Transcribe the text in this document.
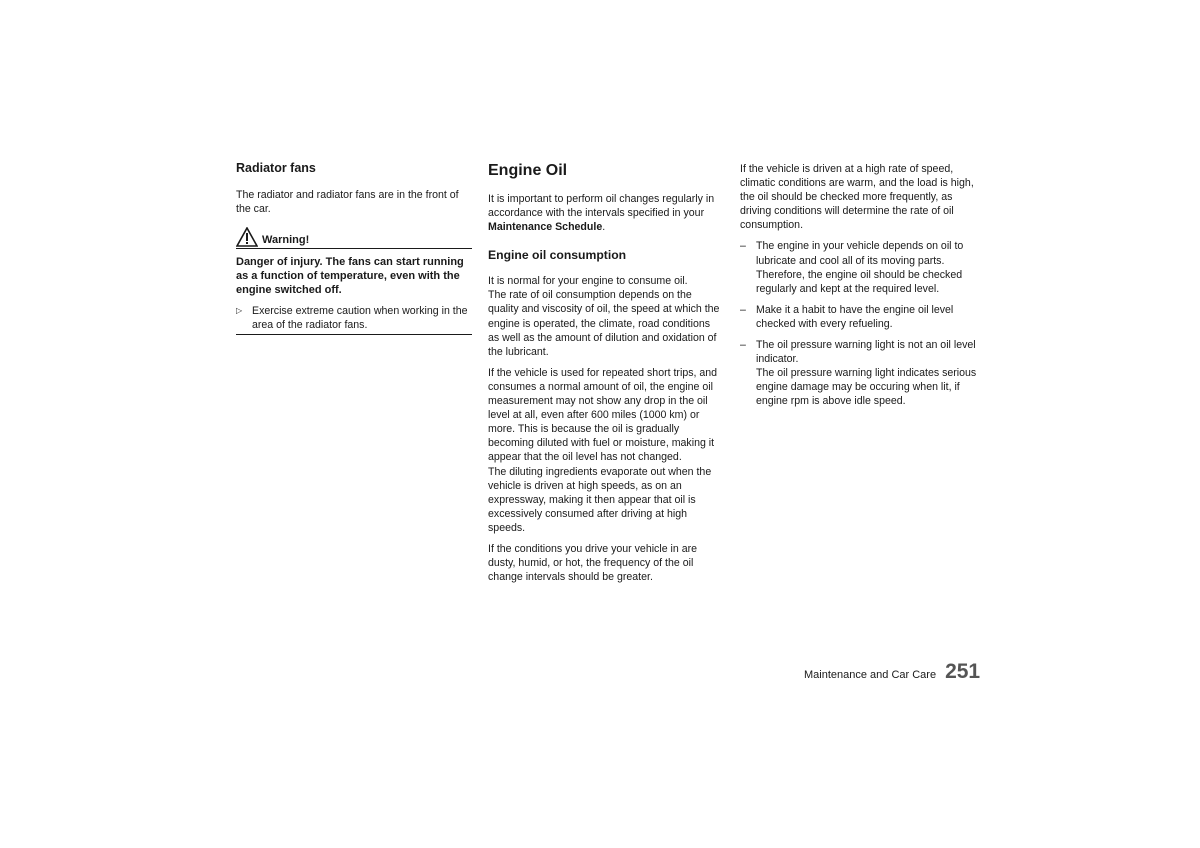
Radiator fans

The radiator and radiator fans are in the front of the car.

Warning!
Danger of injury. The fans can start running as a function of temperature, even with the engine switched off.
▷ Exercise extreme caution when working in the area of the radiator fans.
Engine Oil

It is important to perform oil changes regularly in accordance with the intervals specified in your Maintenance Schedule.

Engine oil consumption

It is normal for your engine to consume oil.
The rate of oil consumption depends on the quality and viscosity of oil, the speed at which the engine is operated, the climate, road conditions as well as the amount of dilution and oxidation of the lubricant.

If the vehicle is used for repeated short trips, and consumes a normal amount of oil, the engine oil measurement may not show any drop in the oil level at all, even after 600 miles (1000 km) or more. This is because the oil is gradually becoming diluted with fuel or moisture, making it appear that the oil level has not changed.
The diluting ingredients evaporate out when the vehicle is driven at high speeds, as on an expressway, making it then appear that oil is excessively consumed after driving at high speeds.

If the conditions you drive your vehicle in are dusty, humid, or hot, the frequency of the oil change intervals should be greater.

If the vehicle is driven at a high rate of speed, climatic conditions are warm, and the load is high, the oil should be checked more frequently, as driving conditions will determine the rate of oil consumption.

– The engine in your vehicle depends on oil to lubricate and cool all of its moving parts. Therefore, the engine oil should be checked regularly and kept at the required level.
– Make it a habit to have the engine oil level checked with every refueling.
– The oil pressure warning light is not an oil level indicator.
The oil pressure warning light indicates serious engine damage may be occuring when lit, if engine rpm is above idle speed.
Maintenance and Car Care 251
